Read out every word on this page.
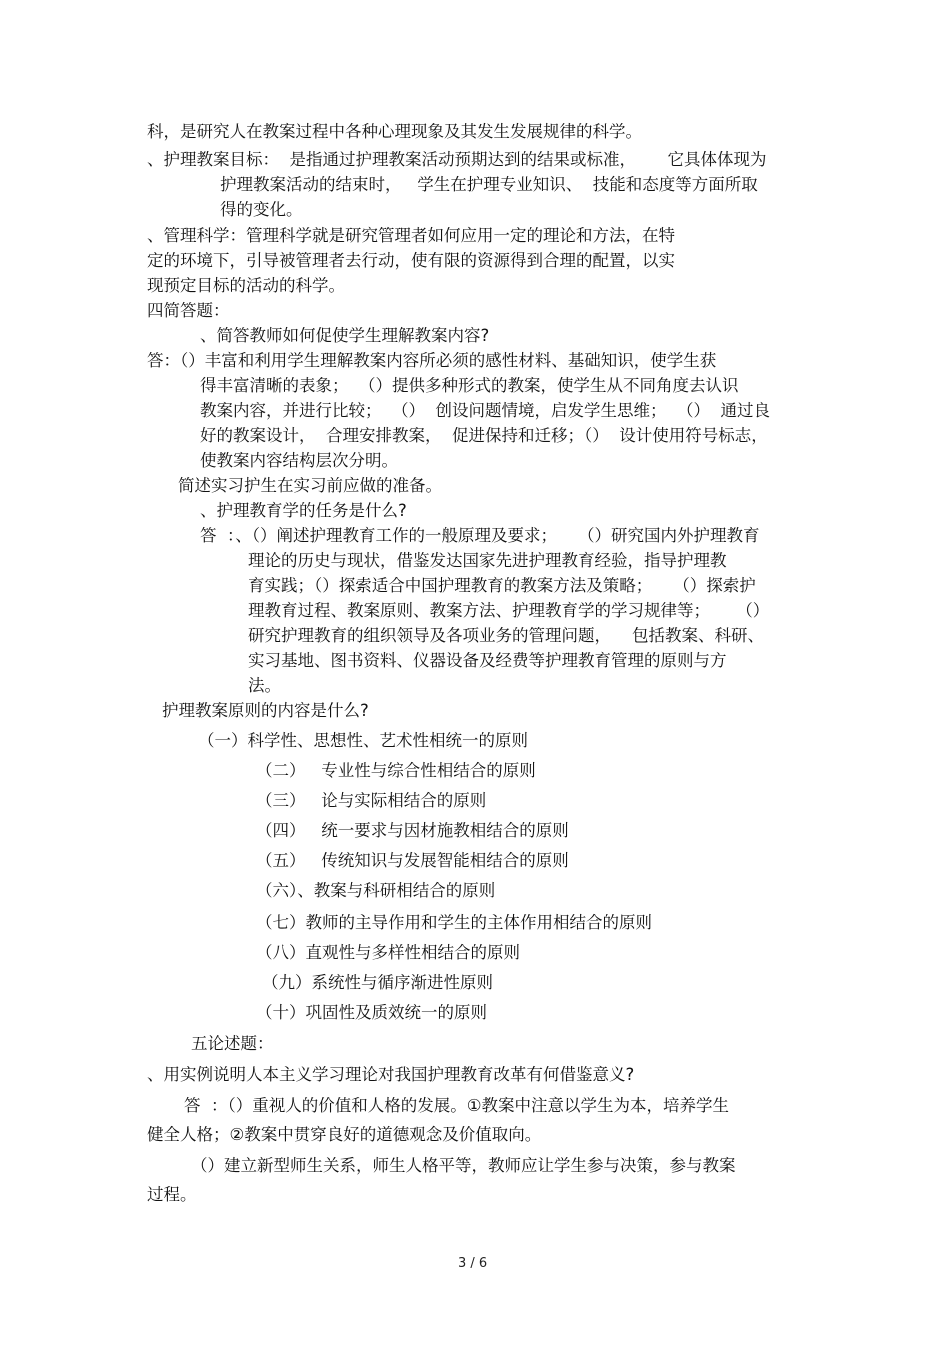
科，是研究人在教案过程中各种心理现象及其发生发展规律的科学。
、护理教案目标：  是指通过护理教案活动预期达到的结果或标准，      它具体体现为
护理教案活动的结束时，   学生在护理专业知识、  技能和态度等方面所取
得的变化。
、管理科学：管理科学就是研究管理者如何应用一定的理论和方法，在特
定的环境下，引导被管理者去行动，使有限的资源得到合理的配置，以实
现预定目标的活动的科学。
四简答题：
、简答教师如何促使学生理解教案内容?
答：（）丰富和利用学生理解教案内容所必须的感性材料、基础知识，使学生获
得丰富清晰的表象；  （）提供多种形式的教案，使学生从不同角度去认识
教案内容，并进行比较；  （）  创设问题情境，启发学生思维；  （）  通过良
好的教案设计，  合理安排教案，  促进保持和迁移；（）  设计使用符号标志，
使教案内容结构层次分明。
简述实习护生在实习前应做的准备。
、护理教育学的任务是什么?
答  ：、（）阐述护理教育工作的一般原理及要求；    （）研究国内外护理教育
理论的历史与现状，借鉴发达国家先进护理教育经验，指导护理教
育实践；（）探索适合中国护理教育的教案方法及策略；    （）探索护
理教育过程、教案原则、教案方法、护理教育学的学习规律等；     （）
研究护理教育的组织领导及各项业务的管理问题，    包括教案、科研、
实习基地、图书资料、仪器设备及经费等护理教育管理的原则与方
法。
护理教案原则的内容是什么?
（一）科学性、思想性、艺术性相统一的原则
（二）   专业性与综合性相结合的原则
（三）   论与实际相结合的原则
（四）   统一要求与因材施教相结合的原则
（五）   传统知识与发展智能相结合的原则
（六）、教案与科研相结合的原则
（七）教师的主导作用和学生的主体作用相结合的原则
（八）直观性与多样性相结合的原则
（九）系统性与循序渐进性原则
（十）巩固性及质效统一的原则
五论述题：
、用实例说明人本主义学习理论对我国护理教育改革有何借鉴意义?
答  ：（）重视人的价值和人格的发展。①教案中注意以学生为本，培养学生
健全人格；②教案中贯穿良好的道德观念及价值取向。
（）建立新型师生关系，师生人格平等，教师应让学生参与决策，参与教案
过程。
3 / 6
